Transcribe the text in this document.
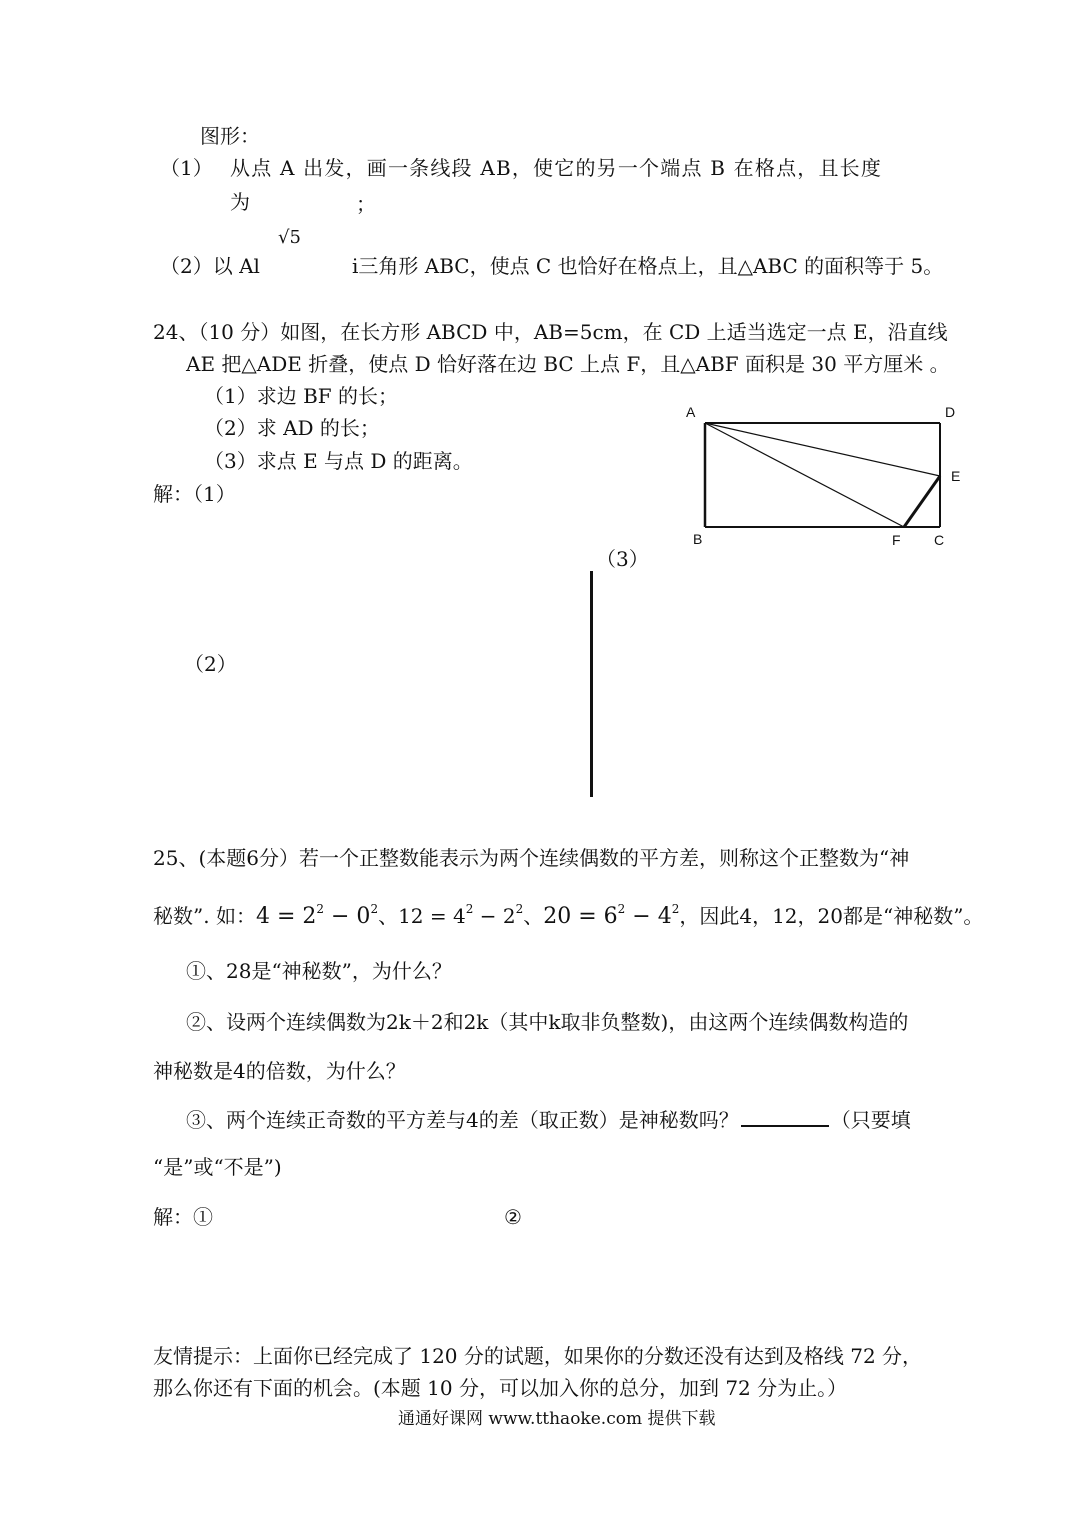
图形：
（1） 从点 A 出发，画一条线段 AB，使它的另一个端点 B 在格点，且长度
为	；
√5
（2）以 Al	i三角形 ABC，使点 C 也恰好在格点上，且△ABC 的面积等于 5。
24、（10 分）如图，在长方形 ABCD 中，AB=5cm，在 CD 上适当选定一点 E，沿直线
AE 把△ADE 折叠，使点 D 恰好落在边 BC 上点 F，且△ABF 面积是 30 平方厘米 。
（1）求边 BF 的长；
（2）求 AD 的长；
（3）求点 E 与点 D 的距离。
解：（1）
A	D
E
B	F C
（3）
（2）
25、(本题6分）若一个正整数能表示为两个连续偶数的平方差，则称这个正整数为“神
秘数”. 如：$4 = 2^2 - 0^2$、$12 = 4^2 - 2^2$、$20 = 6^2 - 4^2$，因此4，12，20都是“神秘数”。
①、28是“神秘数”，为什么？
②、设两个连续偶数为2k＋2和2k（其中k取非负整数)，由这两个连续偶数构造的
神秘数是4的倍数，为什么？
③、两个连续正奇数的平方差与4的差（取正数）是神秘数吗？	（只要填
“是”或“不是”)
解：①	②
友情提示：上面你已经完成了 120 分的试题，如果你的分数还没有达到及格线 72 分，
那么你还有下面的机会。(本题 10 分，可以加入你的总分，加到 72 分为止。）
通通好课网 www.tthaoke.com 提供下载
